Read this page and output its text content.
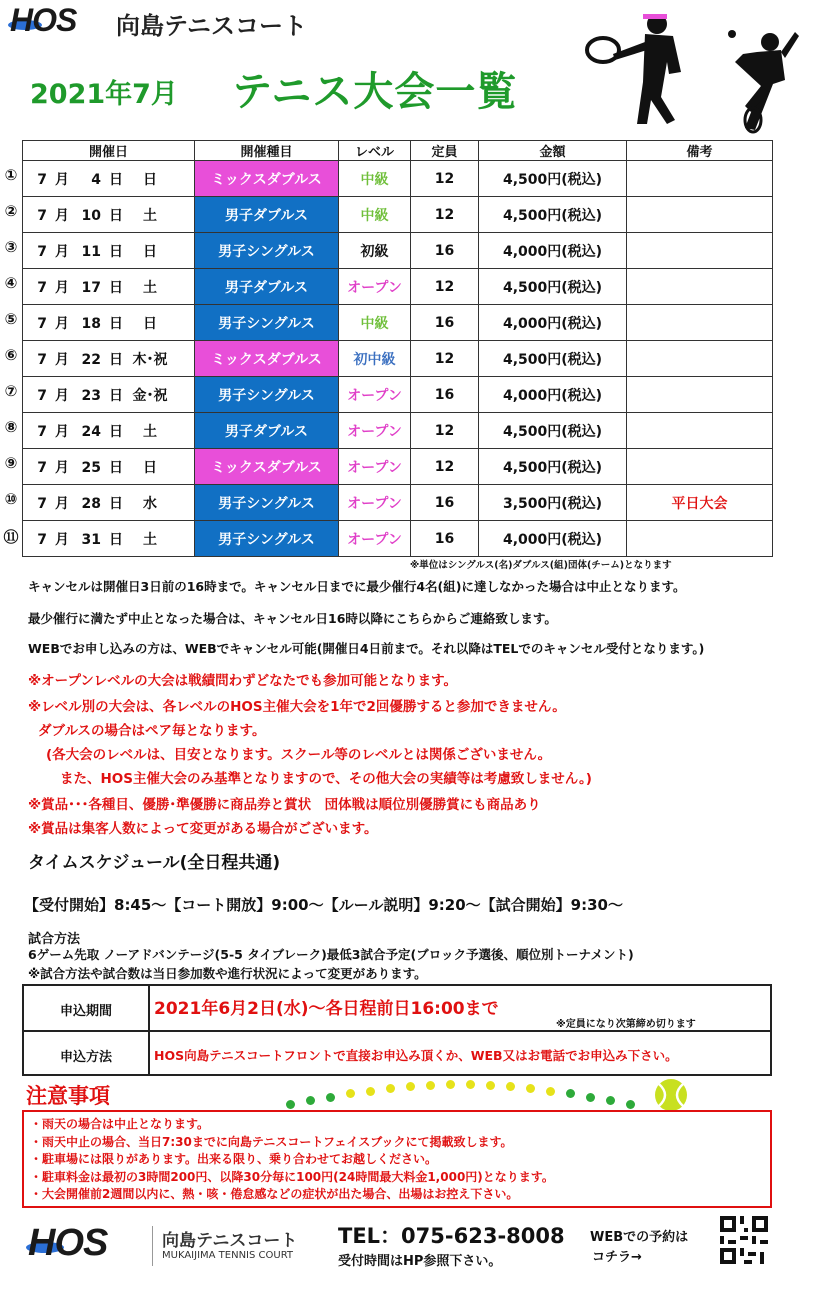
HOS 向島テニスコート
2021年7月 テニス大会一覧
①
②
③
④
⑤
⑥
⑦
⑧
⑨
⑩
⑪
開催日	開催種目	レベル	定員	金額	備考
7 月 4 日 日	ミックスダブルス	中級	12	4,500円(税込)	
7 月 10 日 土	男子ダブルス	中級	12	4,500円(税込)	
7 月 11 日 日	男子シングルス	初級	16	4,000円(税込)	
7 月 17 日 土	男子ダブルス	オープン	12	4,500円(税込)	
7 月 18 日 日	男子シングルス	中級	16	4,000円(税込)	
7 月 22 日 木･祝	ミックスダブルス	初中級	12	4,500円(税込)	
7 月 23 日 金･祝	男子シングルス	オープン	16	4,000円(税込)	
7 月 24 日 土	男子ダブルス	オープン	12	4,500円(税込)	
7 月 25 日 日	ミックスダブルス	オープン	12	4,500円(税込)	
7 月 28 日 水	男子シングルス	オープン	16	3,500円(税込)	平日大会
7 月 31 日 土	男子シングルス	オープン	16	4,000円(税込)	
※単位はシングルス(名)ダブルス(組)団体(チーム)となります
キャンセルは開催日3日前の16時まで。キャンセル日までに最少催行4名(組)に達しなかった場合は中止となります。
最少催行に満たず中止となった場合は、キャンセル日16時以降にこちらからご連絡致します。
WEBでお申し込みの方は、WEBでキャンセル可能(開催日4日前まで。それ以降はTELでのキャンセル受付となります。)
※オープンレベルの大会は戦績問わずどなたでも参加可能となります。
※レベル別の大会は、各レベルのHOS主催大会を1年で2回優勝すると参加できません。
ダブルスの場合はペア毎となります。
(各大会のレベルは、目安となります。スクール等のレベルとは関係ございません。
また、HOS主催大会のみ基準となりますので、その他大会の実績等は考慮致しません。)
※賞品･･･各種目、優勝･準優勝に商品券と賞状　団体戦は順位別優勝賞にも商品あり
※賞品は集客人数によって変更がある場合がございます。
タイムスケジュール(全日程共通)
【受付開始】8:45～【コート開放】9:00～【ルール説明】9:20～【試合開始】9:30～
試合方法
6ゲーム先取 ノーアドバンテージ(5-5 タイブレーク)最低3試合予定(ブロック予選後、順位別トーナメント)
※試合方法や試合数は当日参加数や進行状況によって変更があります。
申込期間	2021年6月2日(水)～各日程前日16:00まで
※定員になり次第締め切ります
申込方法	HOS向島テニスコートフロントで直接お申込み頂くか、WEB又はお電話でお申込み下さい。
注意事項
・雨天の場合は中止となります。
・雨天中止の場合、当日7:30までに向島テニスコートフェイスブックにて掲載致します。
・駐車場には限りがあります。出来る限り、乗り合わせてお越しください。
・駐車料金は最初の3時間200円、以降30分毎に100円(24時間最大料金1,000円)となります。
・大会開催前2週間以内に、熱・咳・倦怠感などの症状が出た場合、出場はお控え下さい。
HOS	向島テニスコート
MUKAIJIMA TENNIS COURT
TEL：075-623-8008
受付時間はHP参照下さい。
WEBでの予約は
コチラ→
